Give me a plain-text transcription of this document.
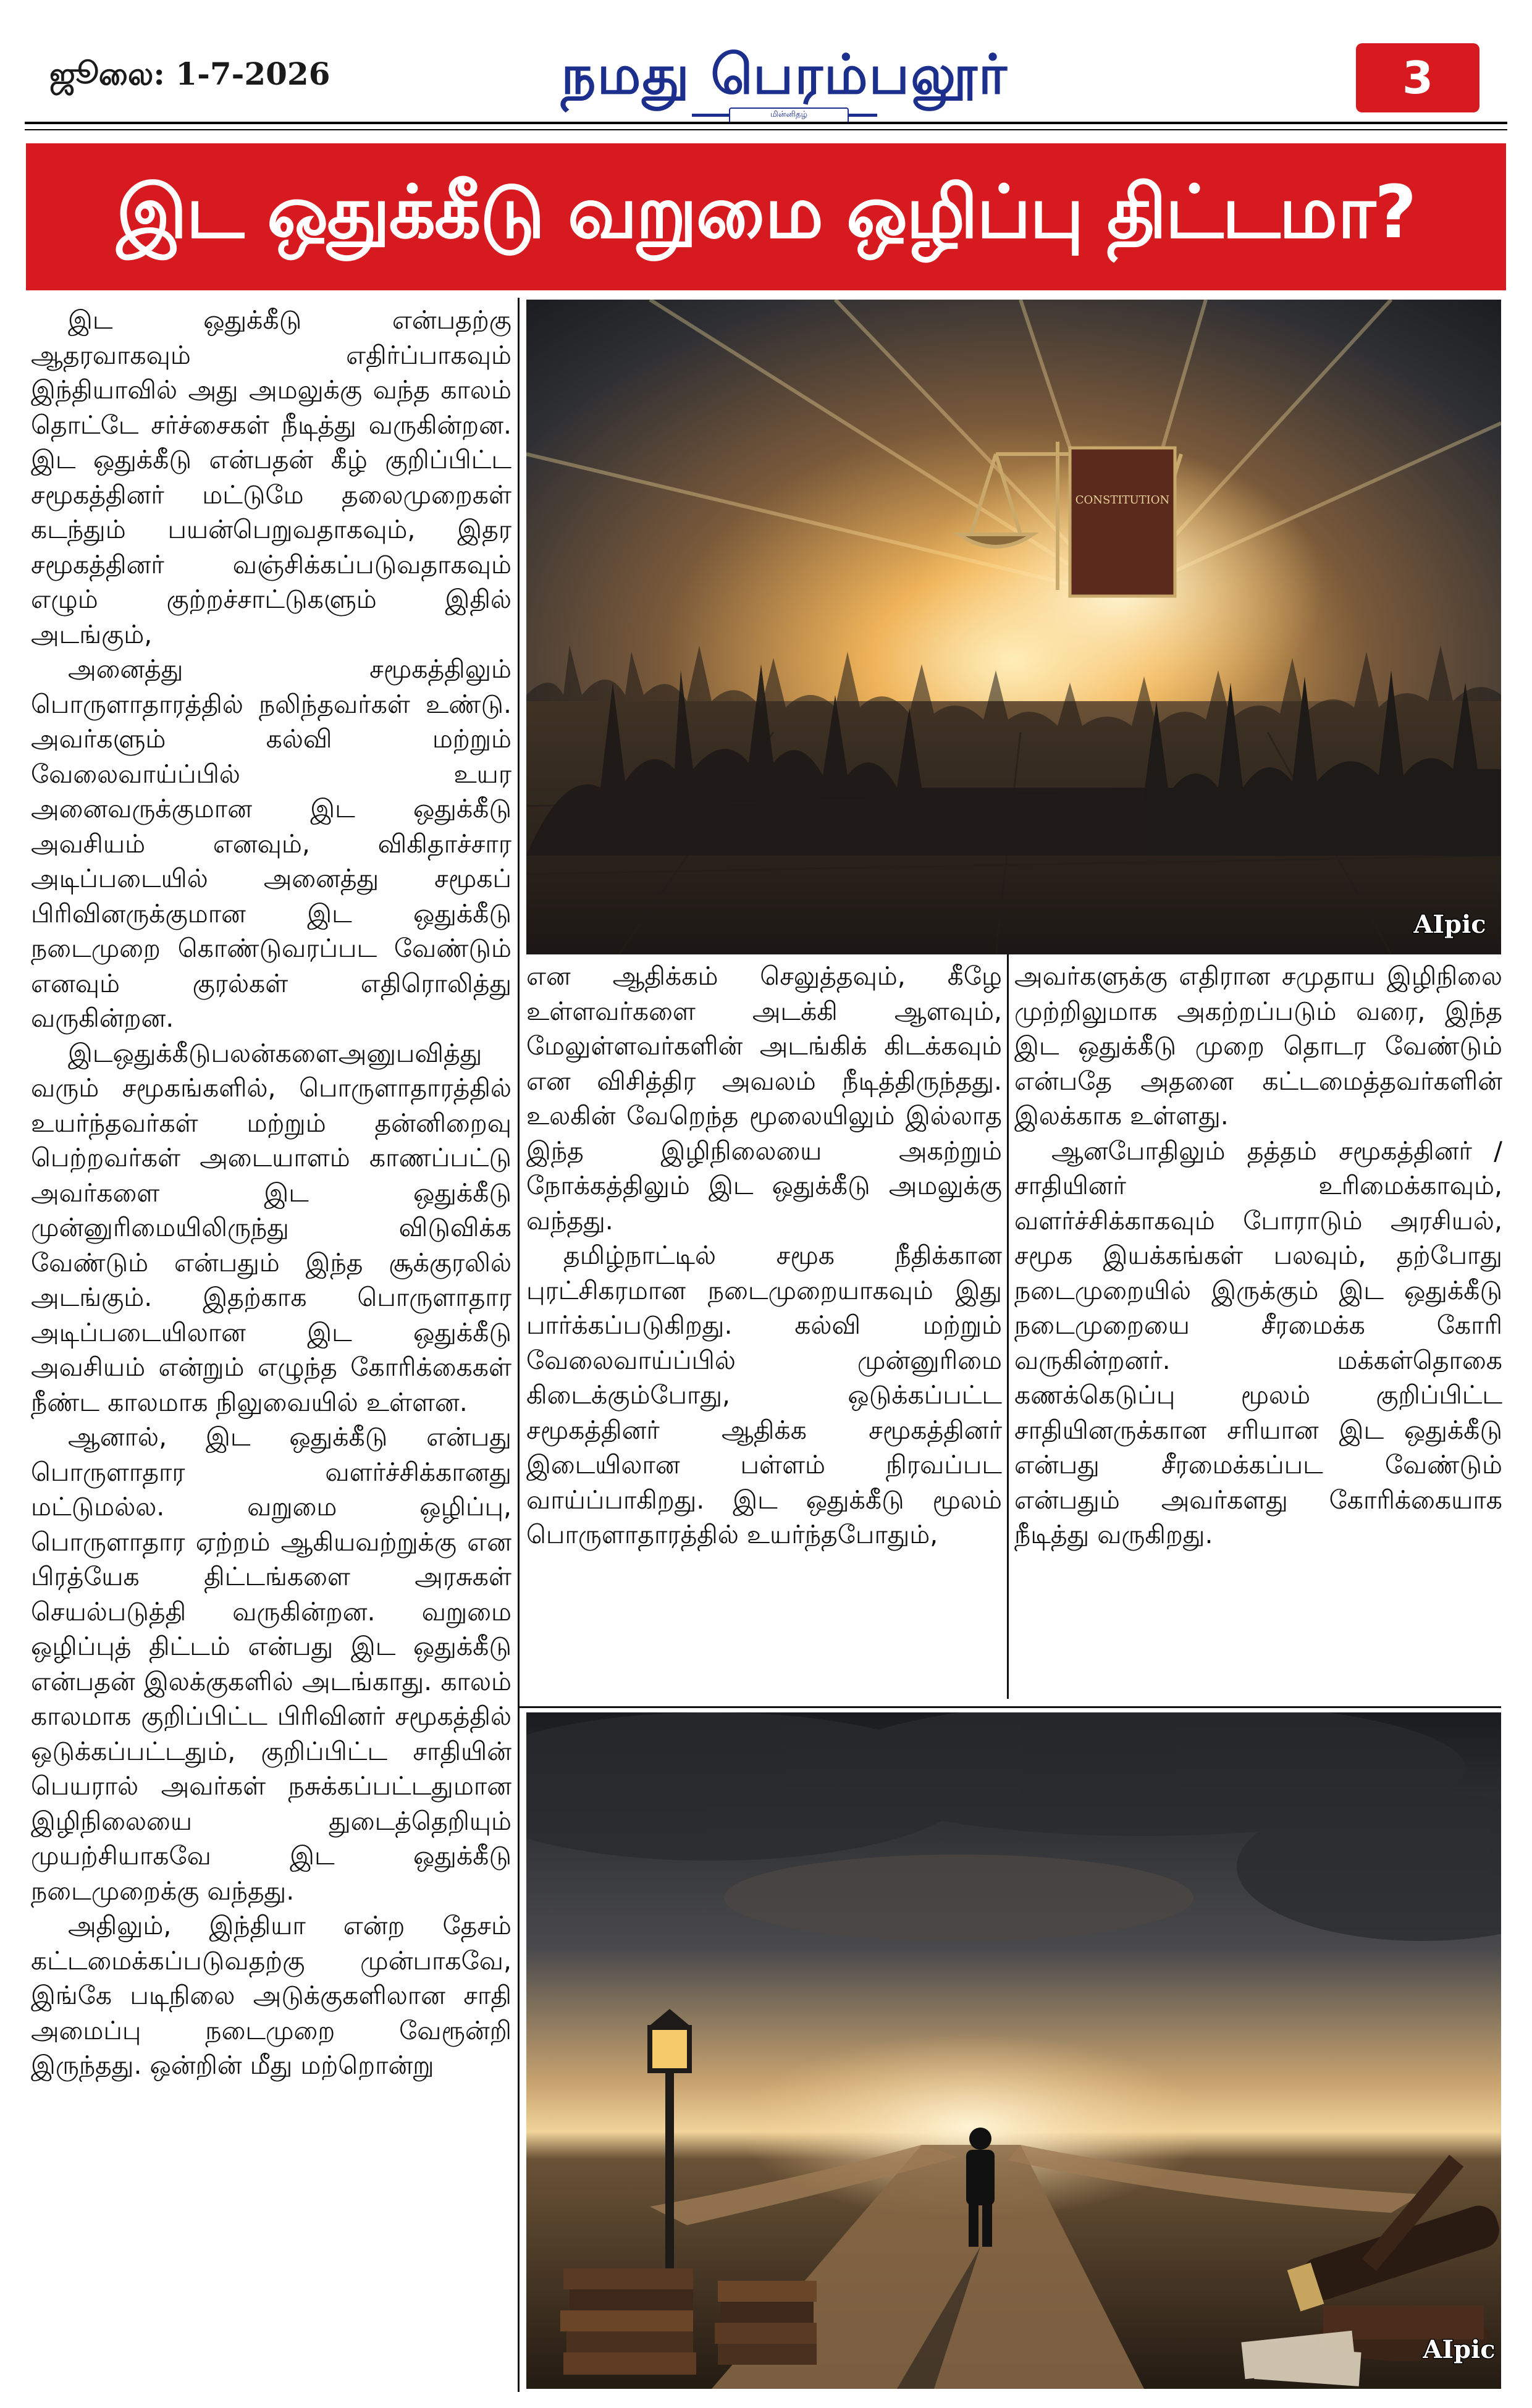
ஜூலை: 1-7-2026	நமது பெரம்பலூர்
மின்னிதழ்
3
இட ஒதுக்கீடு வறுமை ஒழிப்பு திட்டமா?

இட ஒதுக்கீடு என்பதற்கு ஆதரவாகவும் எதிர்ப்பாகவும் இந்தியாவில் அது அமலுக்கு வந்த காலம் தொட்டே சர்ச்சைகள் நீடித்து வருகின்றன. இட ஒதுக்கீடு என்பதன் கீழ் குறிப்பிட்ட சமூகத்தினர் மட்டுமே தலைமுறைகள் கடந்தும் பயன்பெறுவதாகவும், இதர சமூகத்தினர் வஞ்சிக்கப்படுவதாகவும் எழும் குற்றச்சாட்டுகளும் இதில் அடங்கும்,

அனைத்து சமூகத்திலும் பொருளாதாரத்தில் நலிந்தவர்கள் உண்டு. அவர்களும் கல்வி மற்றும் வேலைவாய்ப்பில் உயர அனைவருக்குமான இட ஒதுக்கீடு அவசியம் எனவும், விகிதாச்சார அடிப்படையில் அனைத்து சமூகப் பிரிவினருக்குமான இட ஒதுக்கீடு நடைமுறை கொண்டுவரப்பட வேண்டும் எனவும் குரல்கள் எதிரொலித்து வருகின்றன.

இடஒதுக்கீடுபலன்களைஅனுபவித்து வரும் சமூகங்களில், பொருளாதாரத்தில் உயர்ந்தவர்கள் மற்றும் தன்னிறைவு பெற்றவர்கள் அடையாளம் காணப்பட்டு அவர்களை இட ஒதுக்கீடு முன்னுரிமையிலிருந்து விடுவிக்க வேண்டும் என்பதும் இந்த சூக்குரலில் அடங்கும். இதற்காக பொருளாதார அடிப்படையிலான இட ஒதுக்கீடு அவசியம் என்றும் எழுந்த கோரிக்கைகள் நீண்ட காலமாக நிலுவையில் உள்ளன.

ஆனால், இட ஒதுக்கீடு என்பது பொருளாதார வளர்ச்சிக்கானது மட்டுமல்ல. வறுமை ஒழிப்பு, பொருளாதார ஏற்றம் ஆகியவற்றுக்கு என பிரத்யேக திட்டங்களை அரசுகள் செயல்படுத்தி வருகின்றன. வறுமை ஒழிப்புத் திட்டம் என்பது இட ஒதுக்கீடு என்பதன் இலக்குகளில் அடங்காது. காலம் காலமாக குறிப்பிட்ட பிரிவினர் சமூகத்தில் ஒடுக்கப்பட்டதும், குறிப்பிட்ட சாதியின் பெயரால் அவர்கள் நசுக்கப்பட்டதுமான இழிநிலையை துடைத்தெறியும் முயற்சியாகவே இட ஒதுக்கீடு நடைமுறைக்கு வந்தது.

அதிலும், இந்தியா என்ற தேசம் கட்டமைக்கப்படுவதற்கு முன்பாகவே, இங்கே படிநிலை அடுக்குகளிலான சாதி அமைப்பு நடைமுறை வேரூன்றி இருந்தது. ஒன்றின் மீது மற்றொன்று

CONSTITUTION
AIpic

என ஆதிக்கம் செலுத்தவும், கீழே உள்ளவர்களை அடக்கி ஆளவும், மேலுள்ளவர்களின் அடங்கிக் கிடக்கவும் என விசித்திர அவலம் நீடித்திருந்தது. உலகின் வேறெந்த மூலையிலும் இல்லாத இந்த இழிநிலையை அகற்றும் நோக்கத்திலும் இட ஒதுக்கீடு அமலுக்கு வந்தது.

தமிழ்நாட்டில் சமூக நீதிக்கான புரட்சிகரமான நடைமுறையாகவும் இது பார்க்கப்படுகிறது. கல்வி மற்றும் வேலைவாய்ப்பில் முன்னுரிமை கிடைக்கும்போது, ஒடுக்கப்பட்ட சமூகத்தினர் ஆதிக்க சமூகத்தினர் இடையிலான பள்ளம் நிரவப்பட வாய்ப்பாகிறது. இட ஒதுக்கீடு மூலம் பொருளாதாரத்தில் உயர்ந்தபோதும்,

அவர்களுக்கு எதிரான சமுதாய இழிநிலை முற்றிலுமாக அகற்றப்படும் வரை, இந்த இட ஒதுக்கீடு முறை தொடர வேண்டும் என்பதே அதனை கட்டமைத்தவர்களின் இலக்காக உள்ளது.

ஆனபோதிலும் தத்தம் சமூகத்தினர் / சாதியினர் உரிமைக்காவும், வளர்ச்சிக்காகவும் போராடும் அரசியல், சமூக இயக்கங்கள் பலவும், தற்போது நடைமுறையில் இருக்கும் இட ஒதுக்கீடு நடைமுறையை சீரமைக்க கோரி வருகின்றனர். மக்கள்தொகை கணக்கெடுப்பு மூலம் குறிப்பிட்ட சாதியினருக்கான சரியான இட ஒதுக்கீடு என்பது சீரமைக்கப்பட வேண்டும் என்பதும் அவர்களது கோரிக்கையாக நீடித்து வருகிறது.

AIpic
